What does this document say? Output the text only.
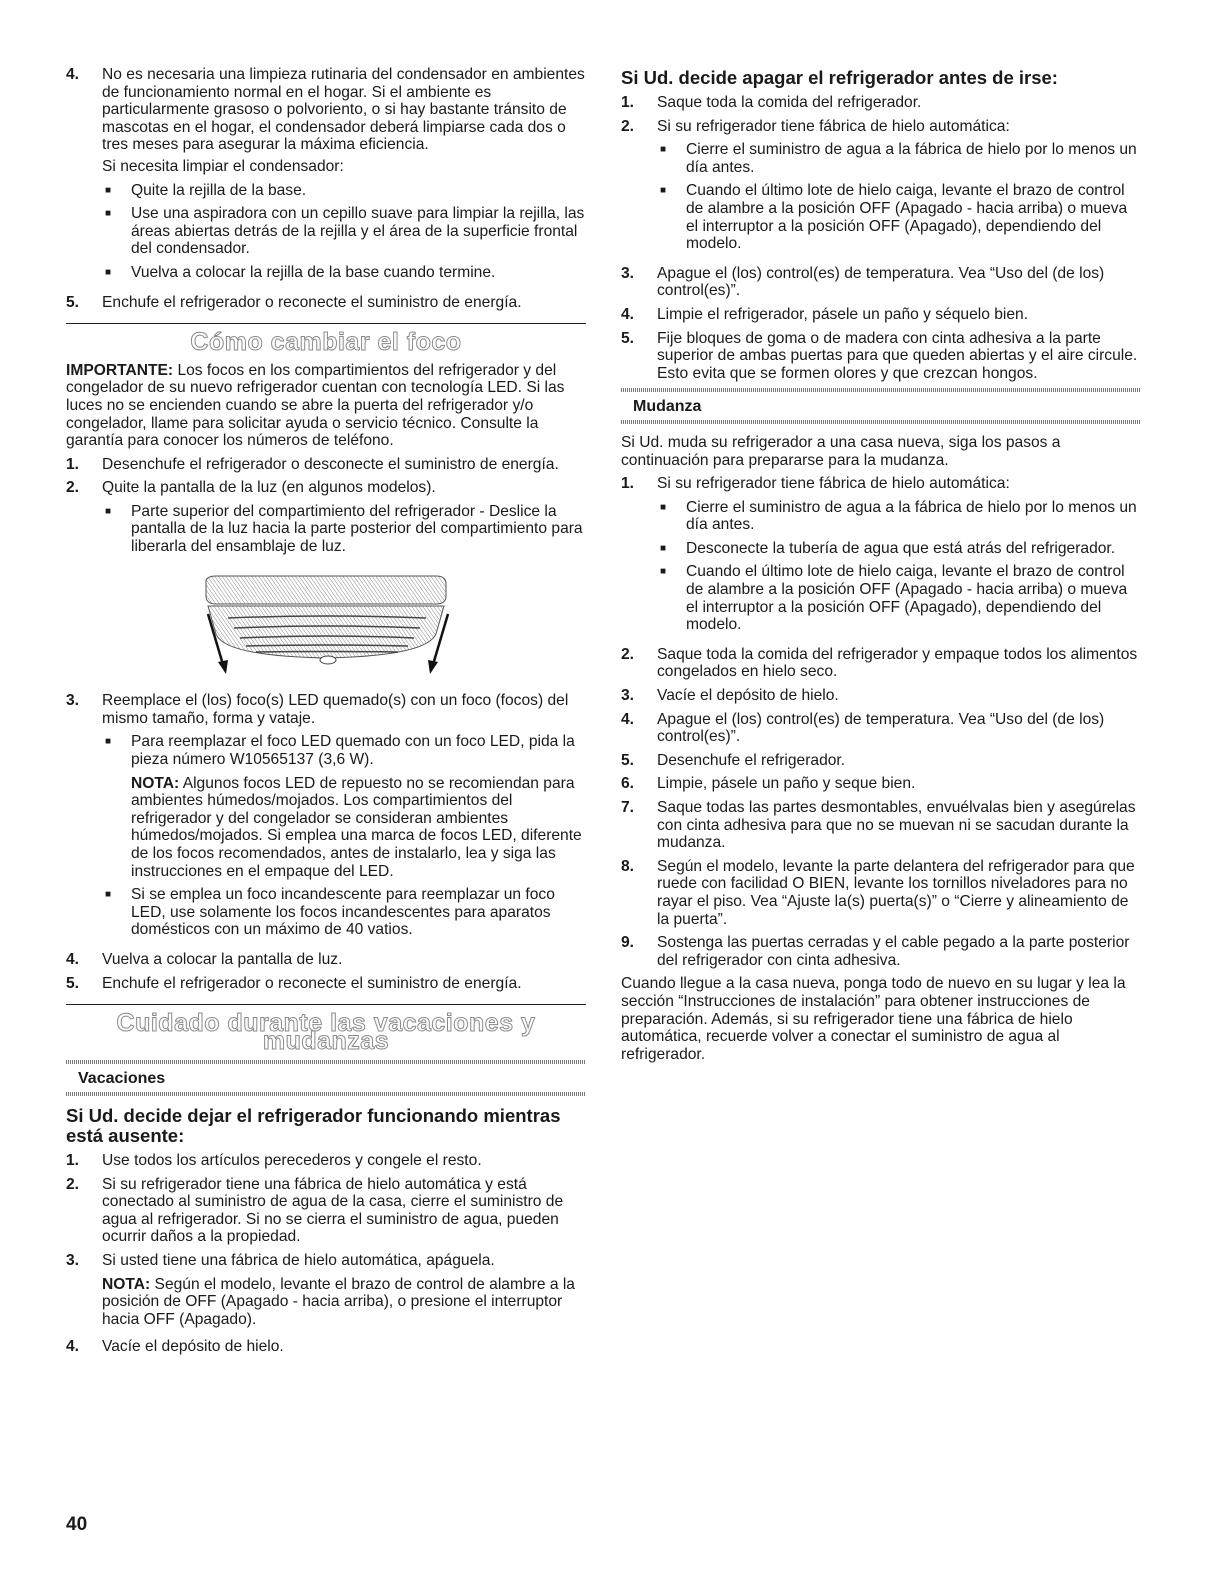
4.	No es necesaria una limpieza rutinaria del condensador en ambientes de funcionamiento normal en el hogar. Si el ambiente es particularmente grasoso o polvoriento, o si hay bastante tránsito de mascotas en el hogar, el condensador deberá limpiarse cada dos o tres meses para asegurar la máxima eficiencia.

Si necesita limpiar el condensador:

■	Quite la rejilla de la base.
■	Use una aspiradora con un cepillo suave para limpiar la rejilla, las áreas abiertas detrás de la rejilla y el área de la superficie frontal del condensador.
■	Vuelva a colocar la rejilla de la base cuando termine.
5.	Enchufe el refrigerador o reconecte el suministro de energía.
Cómo cambiar el foco

IMPORTANTE: Los focos en los compartimientos del refrigerador y del congelador de su nuevo refrigerador cuentan con tecnología LED. Si las luces no se encienden cuando se abre la puerta del refrigerador y/o congelador, llame para solicitar ayuda o servicio técnico. Consulte la garantía para conocer los números de teléfono.

1.	Desenchufe el refrigerador o desconecte el suministro de energía.
2.	Quite la pantalla de la luz (en algunos modelos).

■	Parte superior del compartimiento del refrigerador - Deslice la pantalla de la luz hacia la parte posterior del compartimiento para liberarla del ensamblaje de luz.
3.	Reemplace el (los) foco(s) LED quemado(s) con un foco (focos) del mismo tamaño, forma y vataje.

■	Para reemplazar el foco LED quemado con un foco LED, pida la pieza número W10565137 (3,6 W).

NOTA: Algunos focos LED de repuesto no se recomiendan para ambientes húmedos/mojados. Los compartimientos del refrigerador y del congelador se consideran ambientes húmedos/mojados. Si emplea una marca de focos LED, diferente de los focos recomendados, antes de instalarlo, lea y siga las instrucciones en el empaque del LED.

■	Si se emplea un foco incandescente para reemplazar un foco LED, use solamente los focos incandescentes para aparatos domésticos con un máximo de 40 vatios.
4.	Vuelva a colocar la pantalla de luz.
5.	Enchufe el refrigerador o reconecte el suministro de energía.
Cuidado durante las vacaciones y mudanzas
Vacaciones
Si Ud. decide dejar el refrigerador funcionando mientras está ausente:
1.	Use todos los artículos perecederos y congele el resto.
2.	Si su refrigerador tiene una fábrica de hielo automática y está conectado al suministro de agua de la casa, cierre el suministro de agua al refrigerador. Si no se cierra el suministro de agua, pueden ocurrir daños a la propiedad.
3.	Si usted tiene una fábrica de hielo automática, apáguela.

NOTA: Según el modelo, levante el brazo de control de alambre a la posición de OFF (Apagado - hacia arriba), o presione el interruptor hacia OFF (Apagado).

4.	Vacíe el depósito de hielo.
Si Ud. decide apagar el refrigerador antes de irse:
1.	Saque toda la comida del refrigerador.
2.	Si su refrigerador tiene fábrica de hielo automática:

■	Cierre el suministro de agua a la fábrica de hielo por lo menos un día antes.
■	Cuando el último lote de hielo caiga, levante el brazo de control de alambre a la posición OFF (Apagado - hacia arriba) o mueva el interruptor a la posición OFF (Apagado), dependiendo del modelo.
3.	Apague el (los) control(es) de temperatura. Vea “Uso del (de los) control(es)”.
4.	Limpie el refrigerador, pásele un paño y séquelo bien.
5.	Fije bloques de goma o de madera con cinta adhesiva a la parte superior de ambas puertas para que queden abiertas y el aire circule. Esto evita que se formen olores y que crezcan hongos.
Mudanza

Si Ud. muda su refrigerador a una casa nueva, siga los pasos a continuación para prepararse para la mudanza.

1.	Si su refrigerador tiene fábrica de hielo automática:

■	Cierre el suministro de agua a la fábrica de hielo por lo menos un día antes.
■	Desconecte la tubería de agua que está atrás del refrigerador.
■	Cuando el último lote de hielo caiga, levante el brazo de control de alambre a la posición OFF (Apagado - hacia arriba) o mueva el interruptor a la posición OFF (Apagado), dependiendo del modelo.
2.	Saque toda la comida del refrigerador y empaque todos los alimentos congelados en hielo seco.
3.	Vacíe el depósito de hielo.
4.	Apague el (los) control(es) de temperatura. Vea “Uso del (de los) control(es)”.
5.	Desenchufe el refrigerador.
6.	Limpie, pásele un paño y seque bien.
7.	Saque todas las partes desmontables, envuélvalas bien y asegúrelas con cinta adhesiva para que no se muevan ni se sacudan durante la mudanza.
8.	Según el modelo, levante la parte delantera del refrigerador para que ruede con facilidad O BIEN, levante los tornillos niveladores para no rayar el piso. Vea “Ajuste la(s) puerta(s)” o “Cierre y alineamiento de la puerta”.
9.	Sostenga las puertas cerradas y el cable pegado a la parte posterior del refrigerador con cinta adhesiva.

Cuando llegue a la casa nueva, ponga todo de nuevo en su lugar y lea la sección “Instrucciones de instalación” para obtener instrucciones de preparación. Además, si su refrigerador tiene una fábrica de hielo automática, recuerde volver a conectar el suministro de agua al refrigerador.

40
